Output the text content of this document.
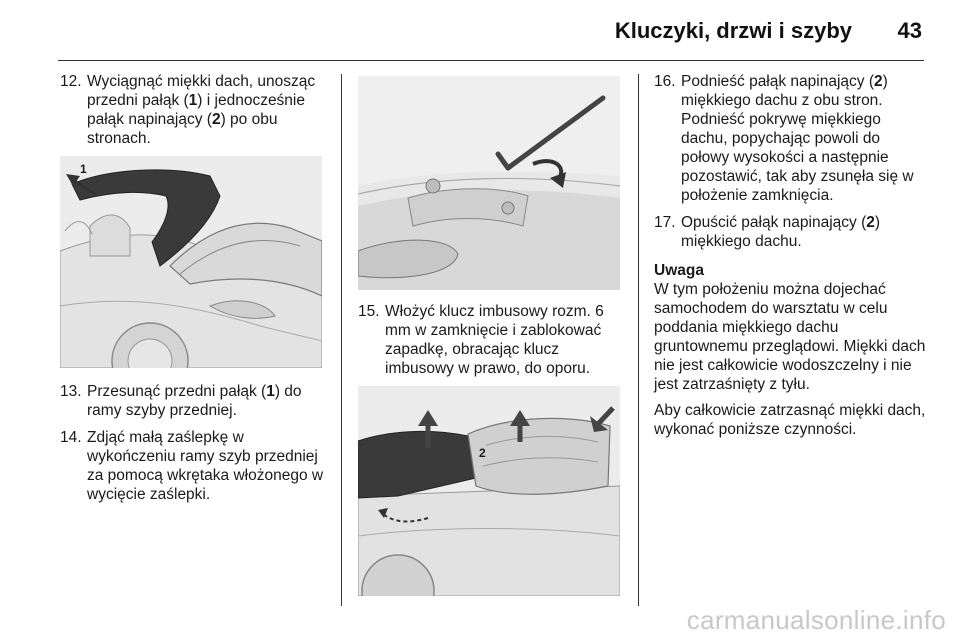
Kluczyki, drzwi i szyby 43
12. Wyciągnąć miękki dach, unosząc przedni pałąk (1) i jednocześnie pałąk napinający (2) po obu stronach.
1
13. Przesunąć przedni pałąk (1) do ramy szyby przedniej.
14. Zdjąć małą zaślepkę w wykończeniu ramy szyb przedniej za pomocą wkrętaka włożonego w wycięcie zaślepki.
15. Włożyć klucz imbusowy rozm. 6 mm w zamknięcie i zablokować zapadkę, obracając klucz imbusowy w prawo, do oporu.
2
16. Podnieść pałąk napinający (2) miękkiego dachu z obu stron. Podnieść pokrywę miękkiego dachu, popychając powoli do połowy wysokości a następnie pozostawić, tak aby zsunęła się w położenie zamknięcia.
17. Opuścić pałąk napinający (2) miękkiego dachu.
Uwaga

W tym położeniu można dojechać samochodem do warsztatu w celu poddania miękkiego dachu gruntownemu przeglądowi. Miękki dach nie jest całkowicie wodoszczelny i nie jest zatrzaśnięty z tyłu.

Aby całkowicie zatrzasnąć miękki dach, wykonać poniższe czynności.

carmanualsonline.info
